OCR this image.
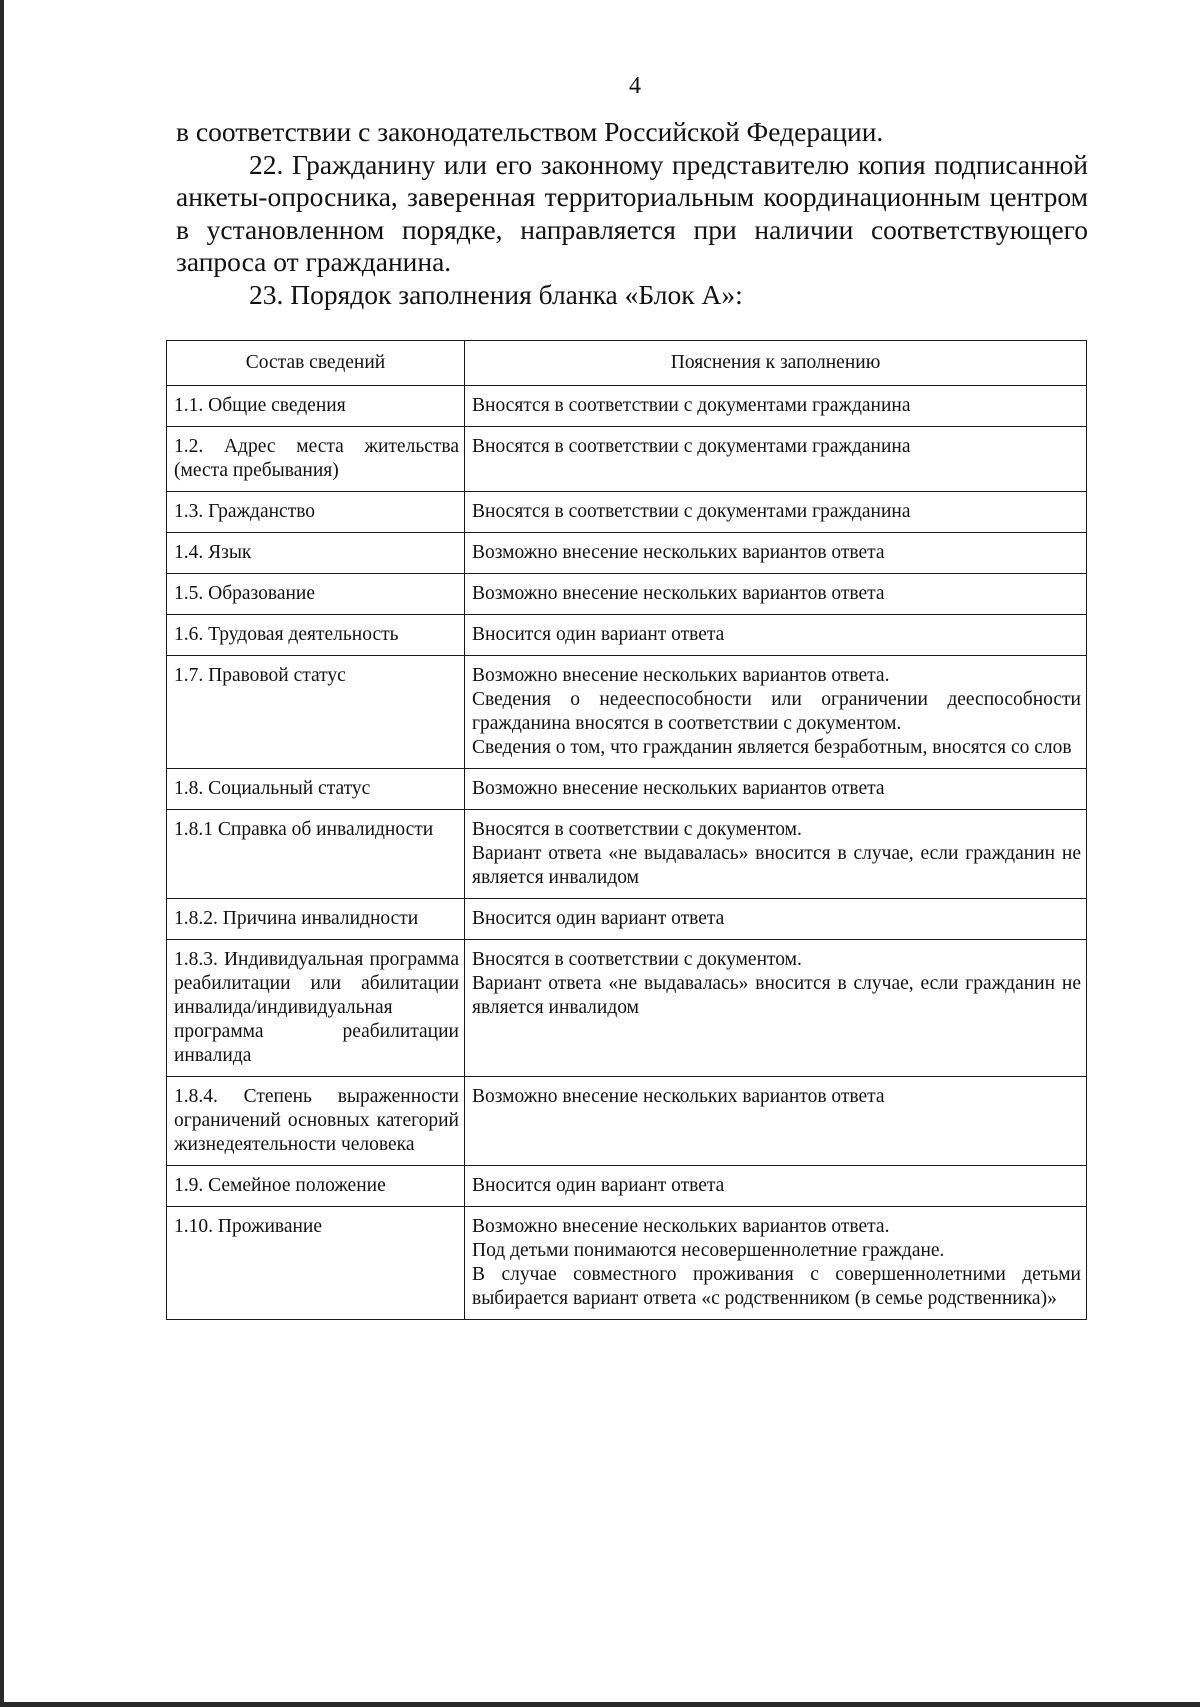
4

в соответствии с законодательством Российской Федерации.

22. Гражданину или его законному представителю копия подписанной анкеты-опросника, заверенная территориальным координационным центром в установленном порядке, направляется при наличии соответствующего запроса от гражданина.

23. Порядок заполнения бланка «Блок А»:

Состав сведений	Пояснения к заполнению
1.1. Общие сведения	Вносятся в соответствии с документами гражданина

1.2. Адрес места жительства (места пребывания)	Вносятся в соответствии с документами гражданина

1.3. Гражданство	Вносятся в соответствии с документами гражданина

1.4. Язык	Возможно внесение нескольких вариантов ответа

1.5. Образование	Возможно внесение нескольких вариантов ответа

1.6. Трудовая деятельность	Вносится один вариант ответа

1.7. Правовой статус	Возможно внесение нескольких вариантов ответа.

Сведения о недееспособности или ограничении дееспособности гражданина вносятся в соответствии с документом.

Сведения о том, что гражданин является безработным, вносятся со слов

1.8. Социальный статус	Возможно внесение нескольких вариантов ответа

1.8.1 Справка об инвалидности	Вносятся в соответствии с документом.

Вариант ответа «не выдавалась» вносится в случае, если гражданин не является инвалидом

1.8.2. Причина инвалидности	Вносится один вариант ответа

1.8.3. Индивидуальная программа реабилитации или абилитации инвалида/индивидуальная программа реабилитации инвалида	Вносятся в соответствии с документом.

Вариант ответа «не выдавалась» вносится в случае, если гражданин не является инвалидом

1.8.4. Степень выраженности ограничений основных категорий жизнедеятельности человека	Возможно внесение нескольких вариантов ответа

1.9. Семейное положение	Вносится один вариант ответа

1.10. Проживание	Возможно внесение нескольких вариантов ответа.

Под детьми понимаются несовершеннолетние граждане.

В случае совместного проживания с совершеннолетними детьми выбирается вариант ответа «с родственником (в семье родственника)»
